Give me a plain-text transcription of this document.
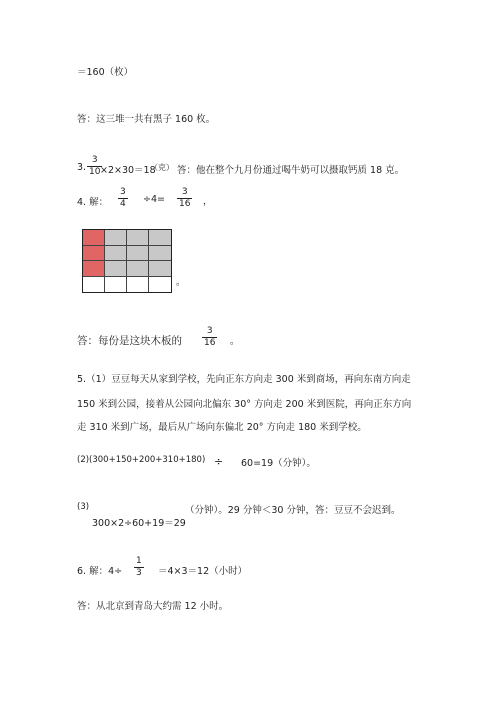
＝160（枚）
答：这三堆一共有黑子 160 枚。
3.
3
10 ×2×30＝18
（克） 答：他在整个九月份通过喝牛奶可以摄取钙质 18 克。
4. 解：
3
4 ÷4=
3
16 ，
。
答：每份是这块木板的
3
16 。
5.（1）豆豆每天从家到学校，先向正东方向走 300 米到商场，再向东南方向走
150 米到公园，接着从公园向北偏东 30° 方向走 200 米到医院，再向正东方向
走 310 米到广场，最后从广场向东偏北 20° 方向走 180 米到学校。
(2)(300+150+200+310+180) ÷ 60=19（分钟）。
(3)	（分钟）。29 分钟＜30 分钟，答：豆豆不会迟到。
300×2÷60+19＝29
6. 解：4÷
1
3 ＝4×3＝12（小时）
答：从北京到青岛大约需 12 小时。
